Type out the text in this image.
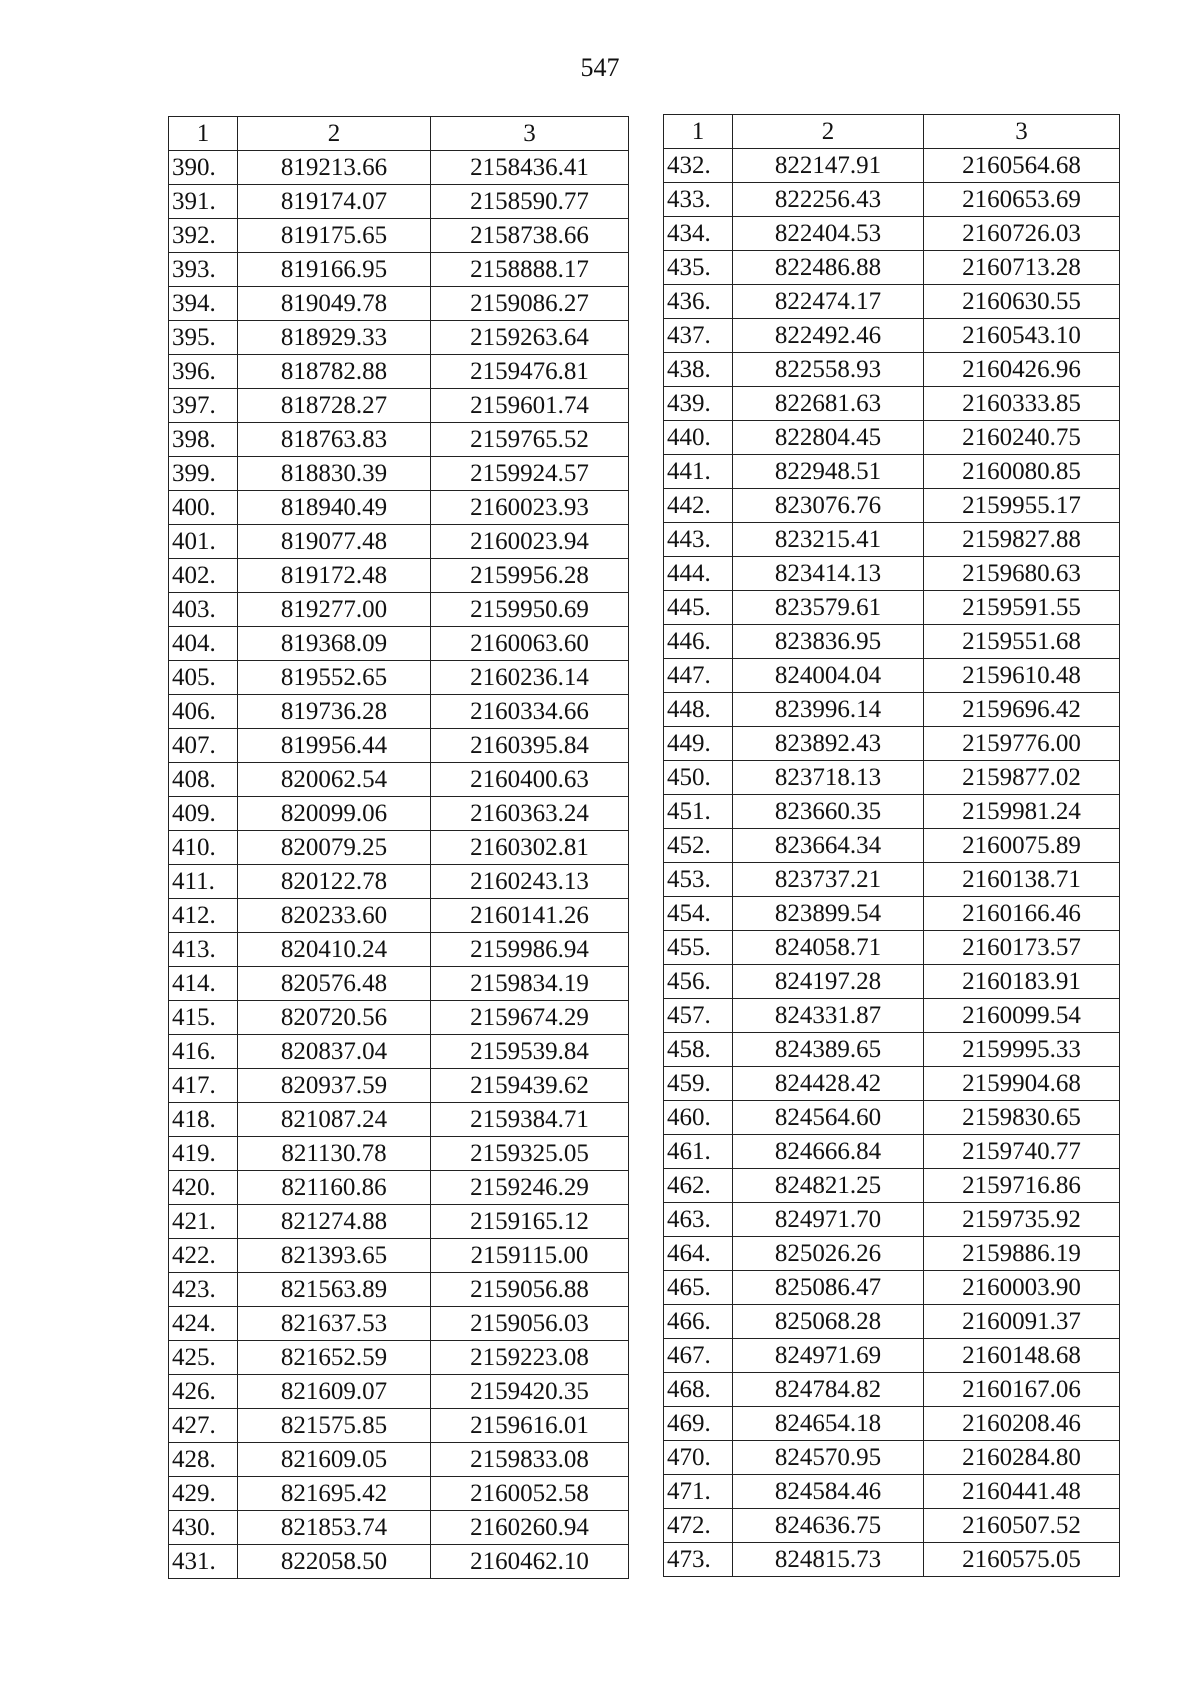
547
1	2	3
390.	819213.66	2158436.41
391.	819174.07	2158590.77
392.	819175.65	2158738.66
393.	819166.95	2158888.17
394.	819049.78	2159086.27
395.	818929.33	2159263.64
396.	818782.88	2159476.81
397.	818728.27	2159601.74
398.	818763.83	2159765.52
399.	818830.39	2159924.57
400.	818940.49	2160023.93
401.	819077.48	2160023.94
402.	819172.48	2159956.28
403.	819277.00	2159950.69
404.	819368.09	2160063.60
405.	819552.65	2160236.14
406.	819736.28	2160334.66
407.	819956.44	2160395.84
408.	820062.54	2160400.63
409.	820099.06	2160363.24
410.	820079.25	2160302.81
411.	820122.78	2160243.13
412.	820233.60	2160141.26
413.	820410.24	2159986.94
414.	820576.48	2159834.19
415.	820720.56	2159674.29
416.	820837.04	2159539.84
417.	820937.59	2159439.62
418.	821087.24	2159384.71
419.	821130.78	2159325.05
420.	821160.86	2159246.29
421.	821274.88	2159165.12
422.	821393.65	2159115.00
423.	821563.89	2159056.88
424.	821637.53	2159056.03
425.	821652.59	2159223.08
426.	821609.07	2159420.35
427.	821575.85	2159616.01
428.	821609.05	2159833.08
429.	821695.42	2160052.58
430.	821853.74	2160260.94
431.	822058.50	2160462.10
1	2	3
432.	822147.91	2160564.68
433.	822256.43	2160653.69
434.	822404.53	2160726.03
435.	822486.88	2160713.28
436.	822474.17	2160630.55
437.	822492.46	2160543.10
438.	822558.93	2160426.96
439.	822681.63	2160333.85
440.	822804.45	2160240.75
441.	822948.51	2160080.85
442.	823076.76	2159955.17
443.	823215.41	2159827.88
444.	823414.13	2159680.63
445.	823579.61	2159591.55
446.	823836.95	2159551.68
447.	824004.04	2159610.48
448.	823996.14	2159696.42
449.	823892.43	2159776.00
450.	823718.13	2159877.02
451.	823660.35	2159981.24
452.	823664.34	2160075.89
453.	823737.21	2160138.71
454.	823899.54	2160166.46
455.	824058.71	2160173.57
456.	824197.28	2160183.91
457.	824331.87	2160099.54
458.	824389.65	2159995.33
459.	824428.42	2159904.68
460.	824564.60	2159830.65
461.	824666.84	2159740.77
462.	824821.25	2159716.86
463.	824971.70	2159735.92
464.	825026.26	2159886.19
465.	825086.47	2160003.90
466.	825068.28	2160091.37
467.	824971.69	2160148.68
468.	824784.82	2160167.06
469.	824654.18	2160208.46
470.	824570.95	2160284.80
471.	824584.46	2160441.48
472.	824636.75	2160507.52
473.	824815.73	2160575.05
